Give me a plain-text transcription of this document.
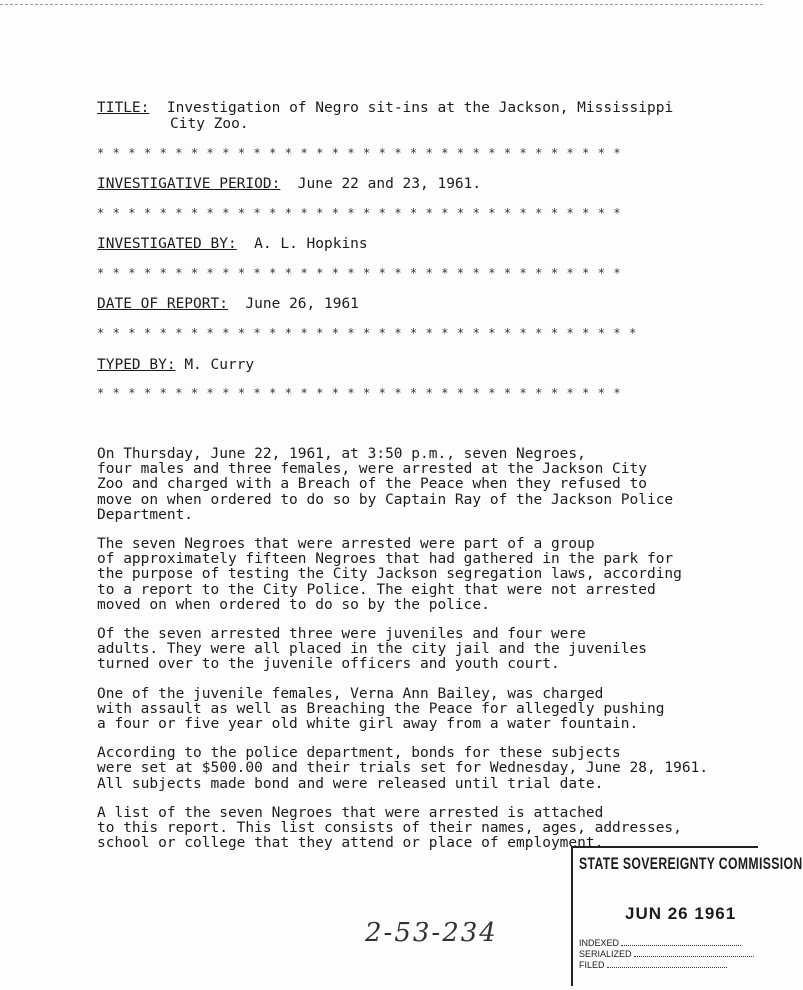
TITLE: Investigation of Negro sit-ins at the Jackson, Mississippi
City Zoo.
* * * * * * * * * * * * * * * * * * * * * * * * * * * * * * * * * *
INVESTIGATIVE PERIOD: June 22 and 23, 1961.
* * * * * * * * * * * * * * * * * * * * * * * * * * * * * * * * * *
INVESTIGATED BY: A. L. Hopkins
* * * * * * * * * * * * * * * * * * * * * * * * * * * * * * * * * *
DATE OF REPORT: June 26, 1961
* * * * * * * * * * * * * * * * * * * * * * * * * * * * * * * * * * *
TYPED BY: M. Curry
* * * * * * * * * * * * * * * * * * * * * * * * * * * * * * * * * *

On Thursday, June 22, 1961, at 3:50 p.m., seven Negroes,
four males and three females, were arrested at the Jackson City
Zoo and charged with a Breach of the Peace when they refused to
move on when ordered to do so by Captain Ray of the Jackson Police
Department.

The seven Negroes that were arrested were part of a group
of approximately fifteen Negroes that had gathered in the park for
the purpose of testing the City Jackson segregation laws, according
to a report to the City Police. The eight that were not arrested
moved on when ordered to do so by the police.

Of the seven arrested three were juveniles and four were
adults. They were all placed in the city jail and the juveniles
turned over to the juvenile officers and youth court.

One of the juvenile females, Verna Ann Bailey, was charged
with assault as well as Breaching the Peace for allegedly pushing
a four or five year old white girl away from a water fountain.

According to the police department, bonds for these subjects
were set at $500.00 and their trials set for Wednesday, June 28, 1961.
All subjects made bond and were released until trial date.

A list of the seven Negroes that were arrested is attached
to this report. This list consists of their names, ages, addresses,
school or college that they attend or place of employment.

STATE SOVEREIGNTY COMMISSION
JUN 26 1961
INDEXED
SERIALIZED
FILED
2-53-234
